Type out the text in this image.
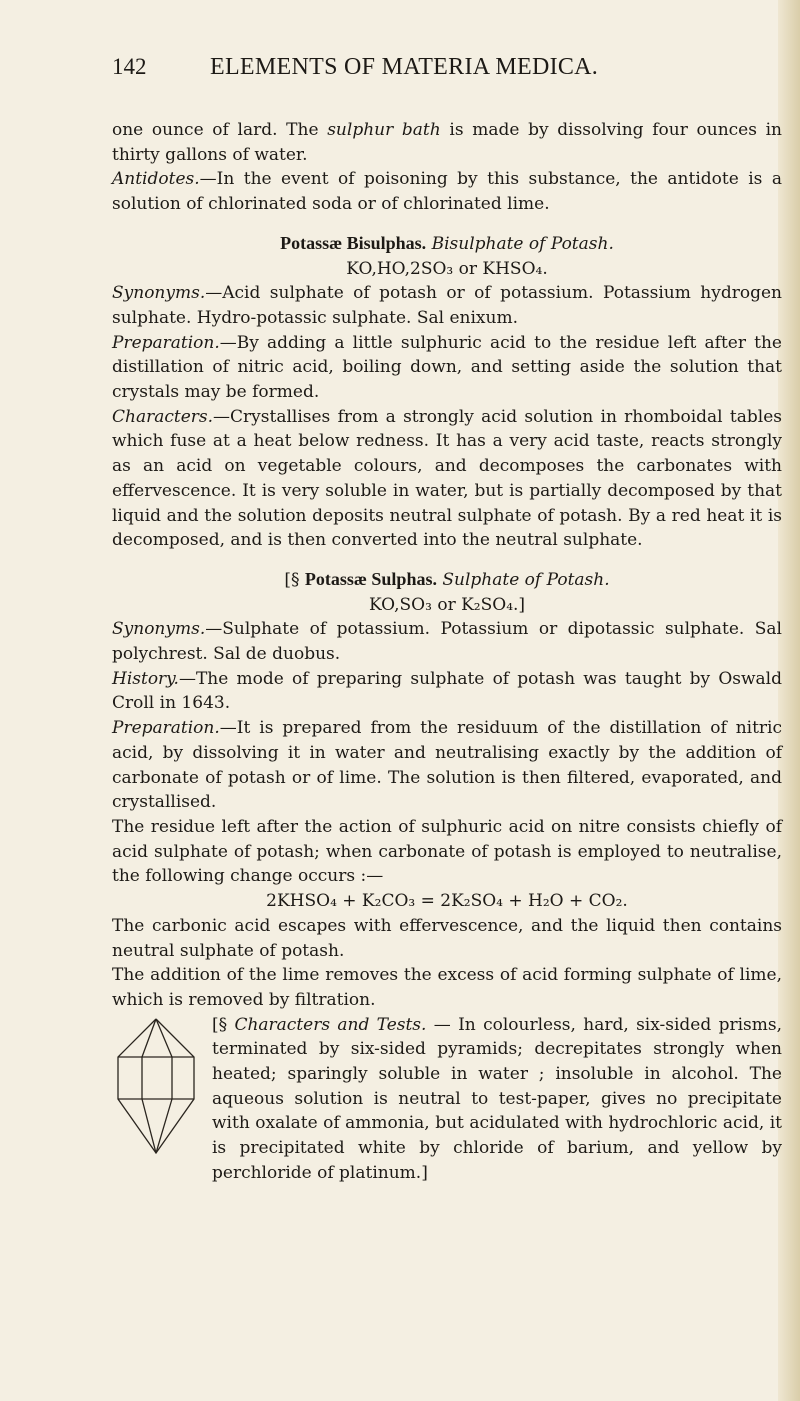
142	ELEMENTS OF MATERIA MEDICA.

one ounce of lard. The sulphur bath is made by dissolving four ounces in thirty gallons of water.

Antidotes.—In the event of poisoning by this substance, the antidote is a solution of chlorinated soda or of chlorinated lime.

Potassæ Bisulphas. Bisulphate of Potash.

KO,HO,2SO₃ or KHSO₄.

Synonyms.—Acid sulphate of potash or of potassium. Potassium hydrogen sulphate. Hydro-potassic sulphate. Sal enixum.

Preparation.—By adding a little sulphuric acid to the residue left after the distillation of nitric acid, boiling down, and setting aside the solution that crystals may be formed.

Characters.—Crystallises from a strongly acid solution in rhomboidal tables which fuse at a heat below redness. It has a very acid taste, reacts strongly as an acid on vegetable colours, and decomposes the carbonates with effervescence. It is very soluble in water, but is partially decomposed by that liquid and the solution deposits neutral sulphate of potash. By a red heat it is decomposed, and is then converted into the neutral sulphate.

[§ Potassæ Sulphas. Sulphate of Potash.

KO,SO₃ or K₂SO₄.]

Synonyms.—Sulphate of potassium. Potassium or dipotassic sulphate. Sal polychrest. Sal de duobus.

History.—The mode of preparing sulphate of potash was taught by Oswald Croll in 1643.

Preparation.—It is prepared from the residuum of the distillation of nitric acid, by dissolving it in water and neutralising exactly by the addition of carbonate of potash or of lime. The solution is then filtered, evaporated, and crystallised.

The residue left after the action of sulphuric acid on nitre consists chiefly of acid sulphate of potash; when carbonate of potash is employed to neutralise, the following change occurs :—

2KHSO₄ + K₂CO₃ = 2K₂SO₄ + H₂O + CO₂.

The carbonic acid escapes with effervescence, and the liquid then contains neutral sulphate of potash.

The addition of the lime removes the excess of acid forming sulphate of lime, which is removed by filtration.

[§ Characters and Tests. — In colourless, hard, six-sided prisms, terminated by six-sided pyramids; decrepitates strongly when heated; sparingly soluble in water ; insoluble in alcohol. The aqueous solution is neutral to test-paper, gives no precipitate with oxalate of ammonia, but acidulated with hydrochloric acid, it is precipitated white by chloride of barium, and yellow by perchloride of platinum.]
